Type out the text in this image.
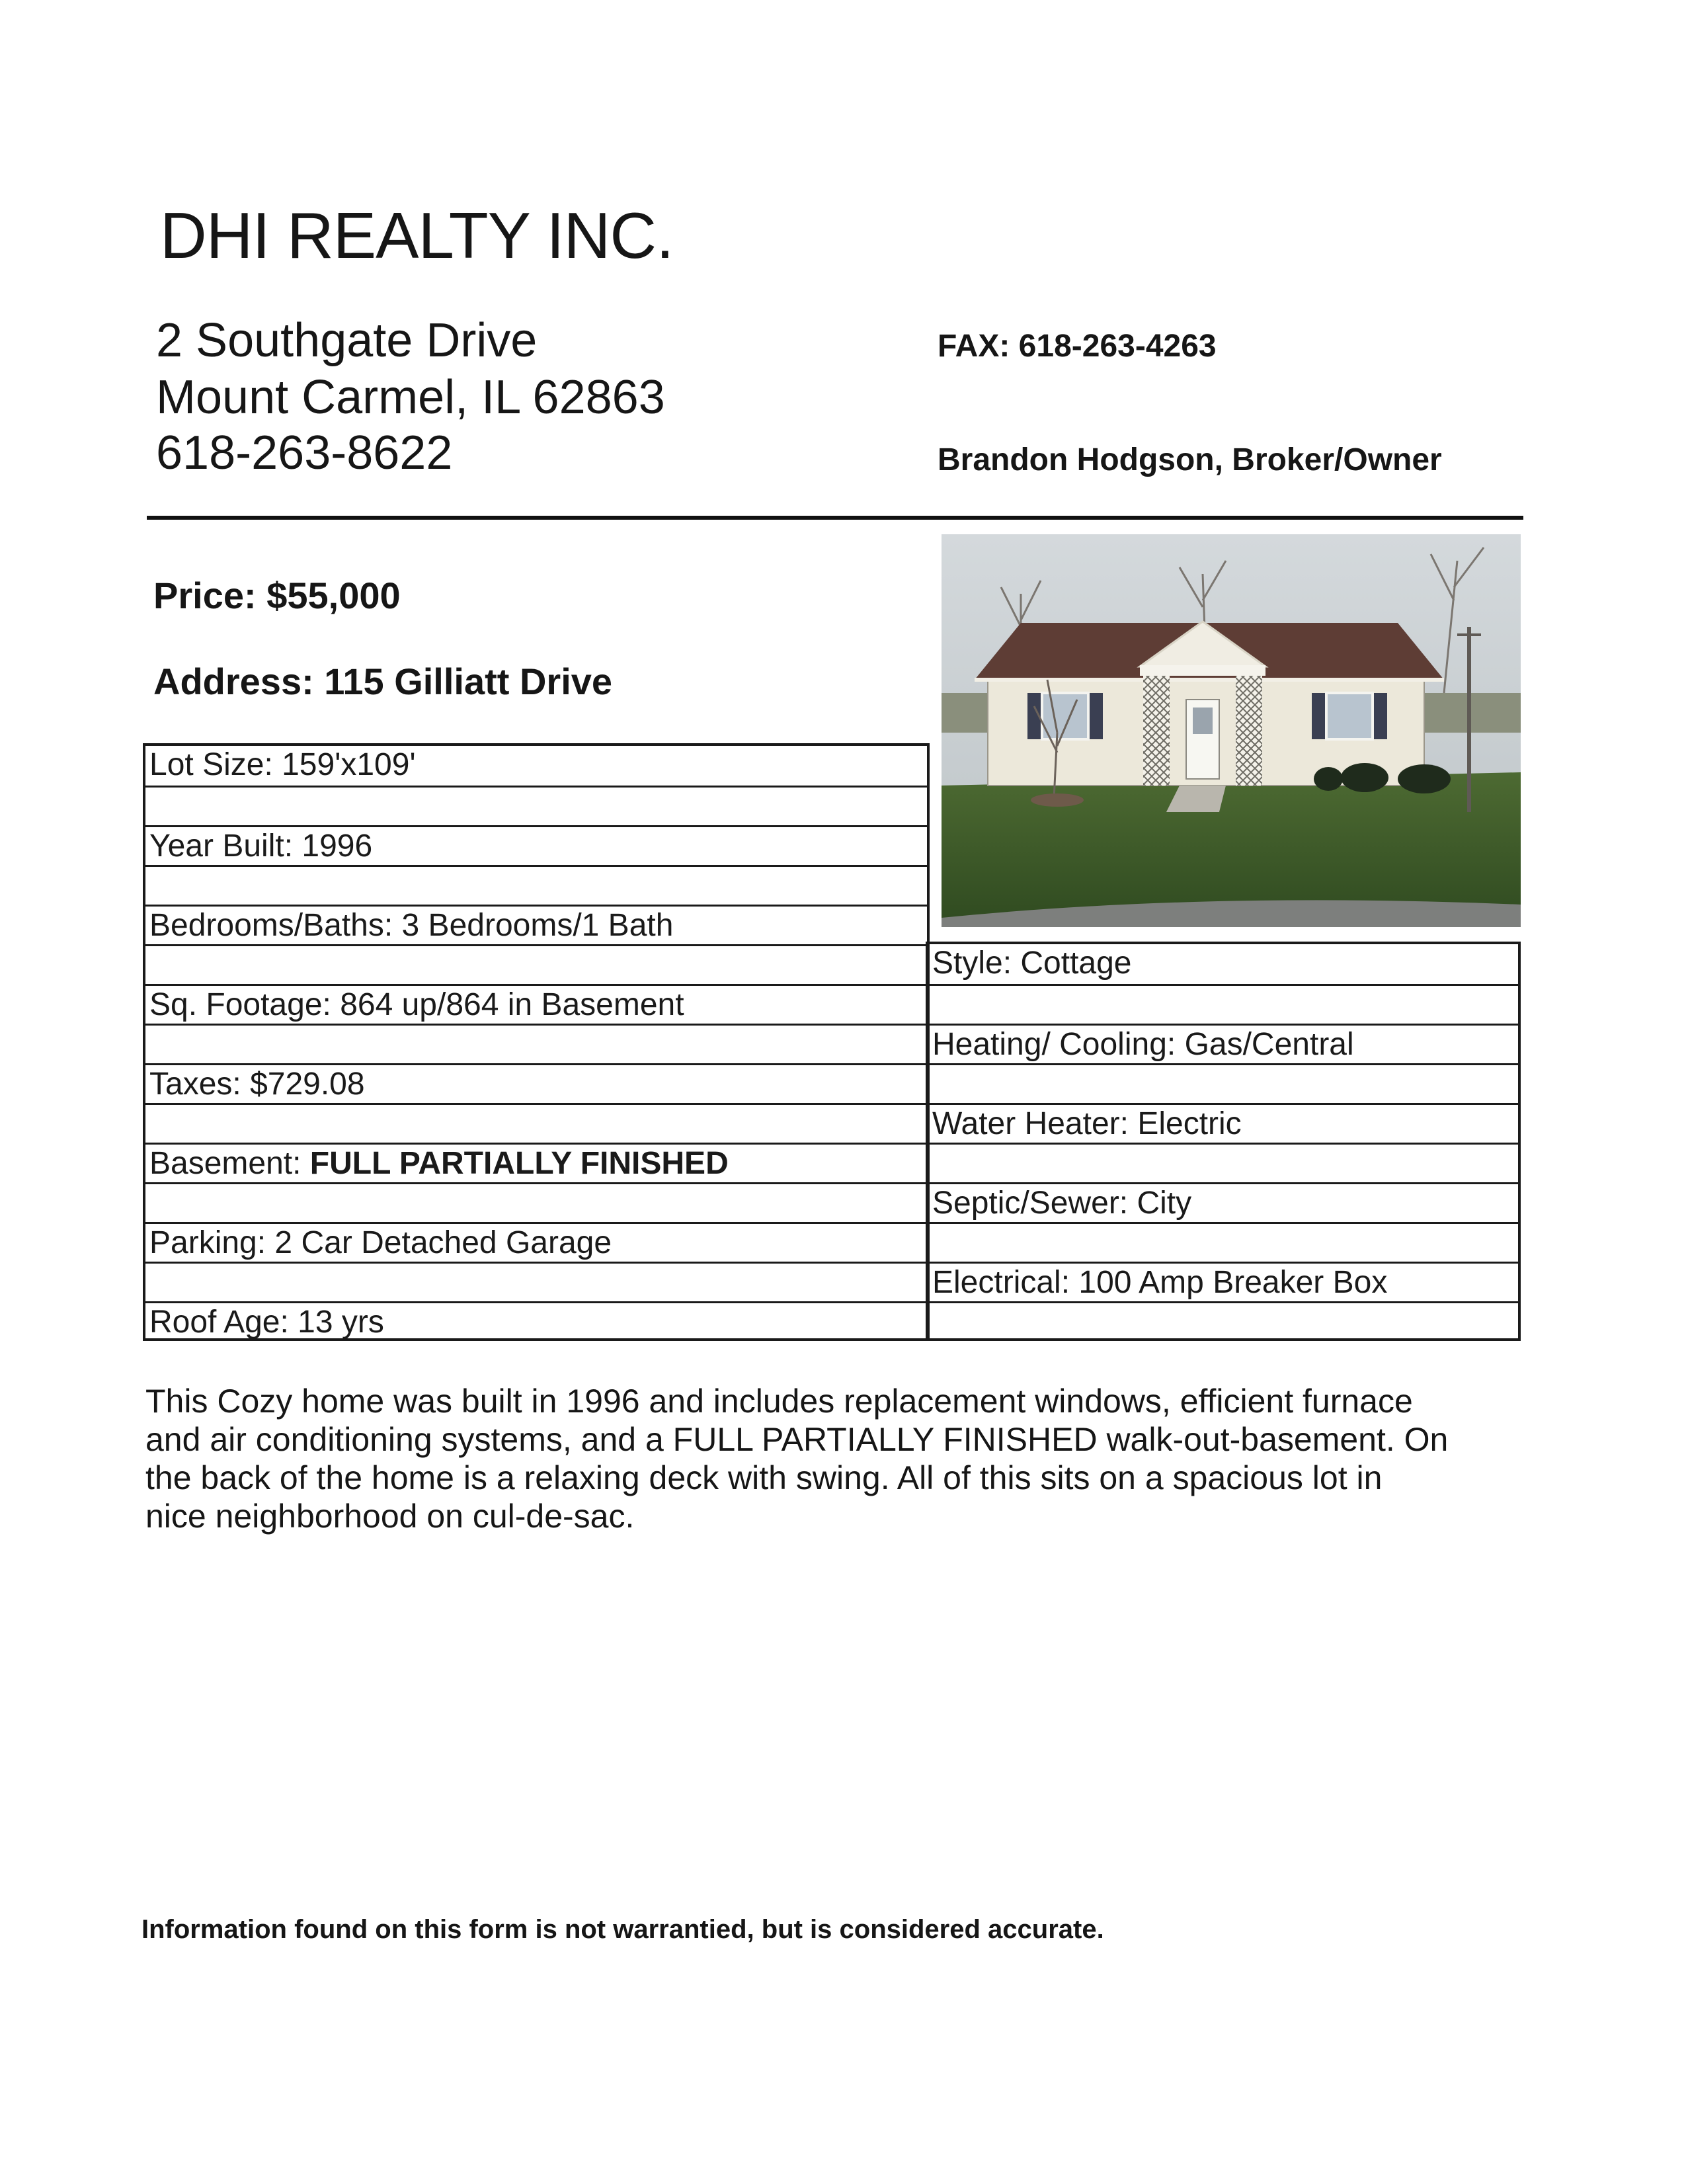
DHI REALTY INC.
2 Southgate Drive
Mount Carmel, IL 62863
618-263-8622
FAX: 618-263-4263
Brandon Hodgson, Broker/Owner
Price: $55,000
Address: 115 Gilliatt Drive
Lot Size: 159'x109'
Year Built: 1996
Bedrooms/Baths: 3 Bedrooms/1 Bath
Sq. Footage: 864 up/864 in Basement
Taxes: $729.08
Basement: FULL PARTIALLY FINISHED
Parking: 2 Car Detached Garage
Roof Age: 13 yrs
Style: Cottage
Heating/ Cooling: Gas/Central
Water Heater: Electric
Septic/Sewer: City
Electrical: 100 Amp Breaker Box
This Cozy home was built in 1996 and includes replacement windows, efficient furnace
and air conditioning systems, and a FULL PARTIALLY FINISHED walk-out-basement. On
the back of the home is a relaxing deck with swing. All of this sits on a spacious lot in
nice neighborhood on cul-de-sac.
Information found on this form is not warrantied, but is considered accurate.
